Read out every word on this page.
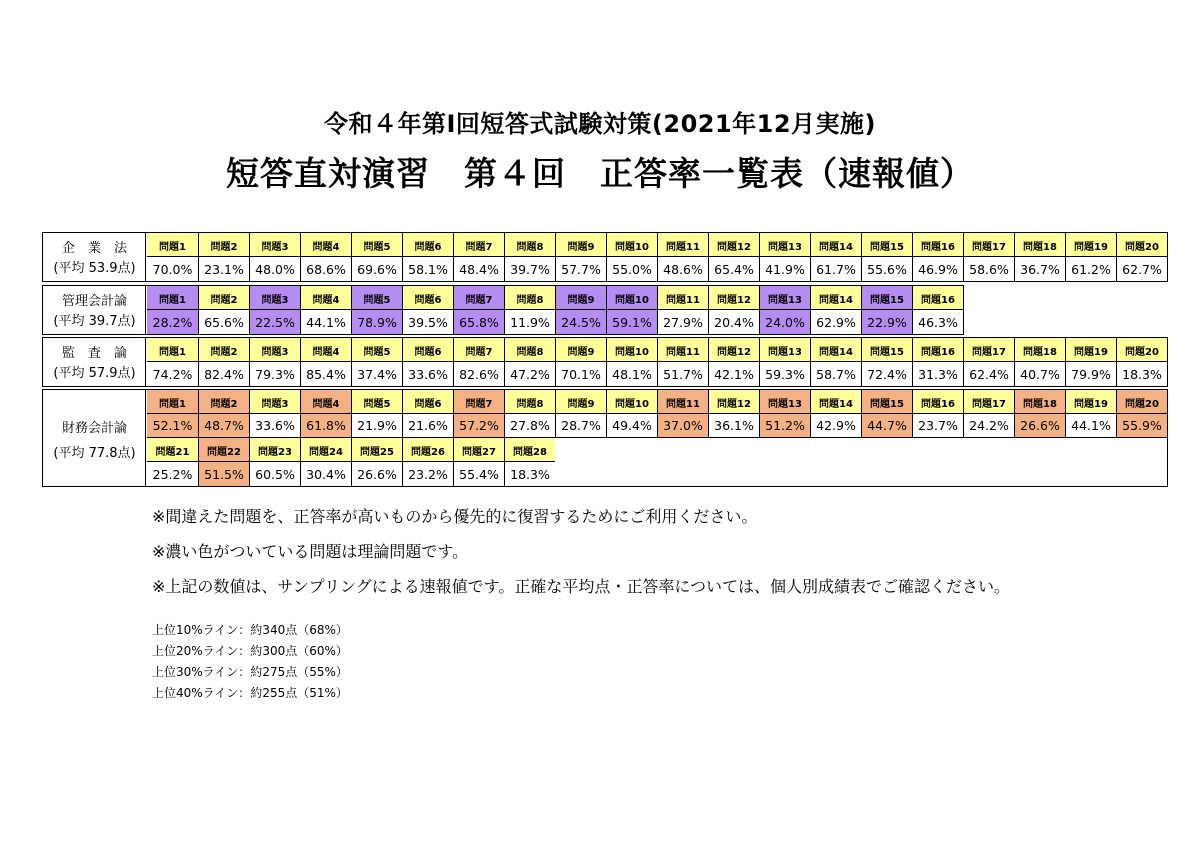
令和４年第Ⅰ回短答式試験対策(2021年12月実施)
短答直対演習　第４回　正答率一覧表（速報値）
企　業　法
(平均 53.9点)
問題1	問題2	問題3	問題4	問題5	問題6	問題7	問題8	問題9	問題10	問題11	問題12	問題13	問題14	問題15	問題16	問題17	問題18	問題19	問題20
70.0% 23.1% 48.0% 68.6% 69.6% 58.1% 48.4% 39.7% 57.7% 55.0% 48.6% 65.4% 41.9% 61.7% 55.6% 46.9% 58.6% 36.7% 61.2% 62.7%
管理会計論
(平均 39.7点)
問題1	問題2	問題3	問題4	問題5	問題6	問題7	問題8	問題9	問題10	問題11	問題12	問題13	問題14	問題15	問題16
28.2% 65.6% 22.5% 44.1% 78.9% 39.5% 65.8% 11.9% 24.5% 59.1% 27.9% 20.4% 24.0% 62.9% 22.9% 46.3%
監　査　論
(平均 57.9点)
問題1	問題2	問題3	問題4	問題5	問題6	問題7	問題8	問題9	問題10	問題11	問題12	問題13	問題14	問題15	問題16	問題17	問題18	問題19	問題20
74.2% 82.4% 79.3% 85.4% 37.4% 33.6% 82.6% 47.2% 70.1% 48.1% 51.7% 42.1% 59.3% 58.7% 72.4% 31.3% 62.4% 40.7% 79.9% 18.3%
財務会計論
(平均 77.8点)
問題1	問題2	問題3	問題4	問題5	問題6	問題7	問題8	問題9	問題10	問題11	問題12	問題13	問題14	問題15	問題16	問題17	問題18	問題19	問題20
52.1% 48.7% 33.6% 61.8% 21.9% 21.6% 57.2% 27.8% 28.7% 49.4% 37.0% 36.1% 51.2% 42.9% 44.7% 23.7% 24.2% 26.6% 44.1% 55.9%
問題21	問題22	問題23	問題24	問題25	問題26	問題27	問題28
25.2% 51.5% 60.5% 30.4% 26.6% 23.2% 55.4% 18.3%
※間違えた問題を、正答率が高いものから優先的に復習するためにご利用ください。
※濃い色がついている問題は理論問題です。
※上記の数値は、サンプリングによる速報値です。正確な平均点・正答率については、個人別成績表でご確認ください。
上位10%ライン：約340点（68%）
上位20%ライン：約300点（60%）
上位30%ライン：約275点（55%）
上位40%ライン：約255点（51%）
